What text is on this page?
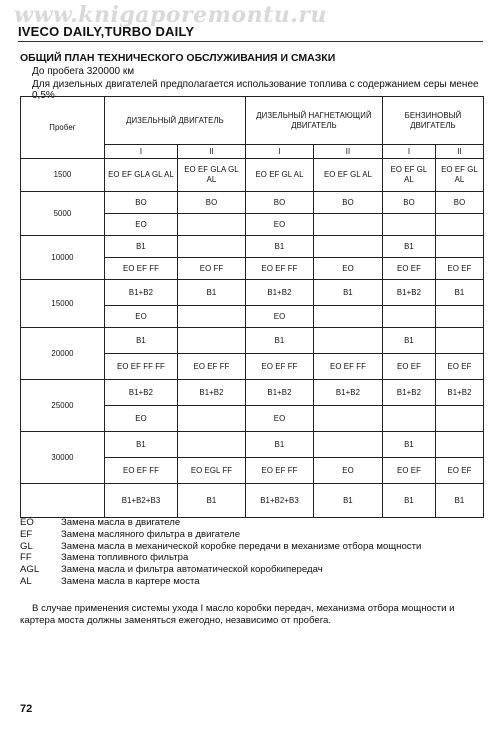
www.knigaporemontu.ru
IVECO DAILY,TURBO DAILY
ОБЩИЙ ПЛАН ТЕХНИЧЕСКОГО ОБСЛУЖИВАНИЯ И СМАЗКИ
До пробега 320000 км
Для дизельных двигателей предполагается использование топлива с содержанием серы менее 0,5%
Пробег	ДИЗЕЛЬНЫЙ ДВИГАТЕЛЬ		ДИЗЕЛЬНЫЙ НАГНЕТАЮЩИЙ ДВИГАТЕЛЬ		БЕНЗИНОВЫЙ ДВИГАТЕЛЬ	
	I	II	I	II	I	II
1500	EO EF GLA GL AL	EO EF GLA GL AL	EO EF GL AL	EO EF GL AL	EO EF GL AL	EO EF GL AL
5000	BO	BO	BO	BO	BO	BO
	EO		EO			
10000	B1		B1		B1	
	EO EF FF	EO FF	EO EF FF	EO	EO EF	EO EF
15000	B1+B2	B1	B1+B2	B1	B1+B2	B1
	EO		EO			
20000	B1		B1		B1	
	EO EF FF FF	EO EF FF	EO EF FF	EO EF FF	EO EF	EO EF
25000	B1+B2	B1+B2	B1+B2	B1+B2	B1+B2	B1+B2
	EO		EO			
30000	B1		B1		B1	
	EO EF FF	EO EGL FF	EO EF FF	EO	EO EF	EO EF
	B1+B2+B3	B1	B1+B2+B3	B1	B1	B1
EO	Замена масла в двигателе
EF	Замена масляного фильтра в двигателе
GL	Замена масла в механической коробке передачи в механизме отбора мощности
FF	Замена топливного фильтра
AGL	Замена масла и фильтра автоматической коробкипередач
AL	Замена масла в картере моста
В случае применения системы ухода I масло коробки передач, механизма отбора мощности и картера моста должны заменяться ежегодно, независимо от пробега.
72
